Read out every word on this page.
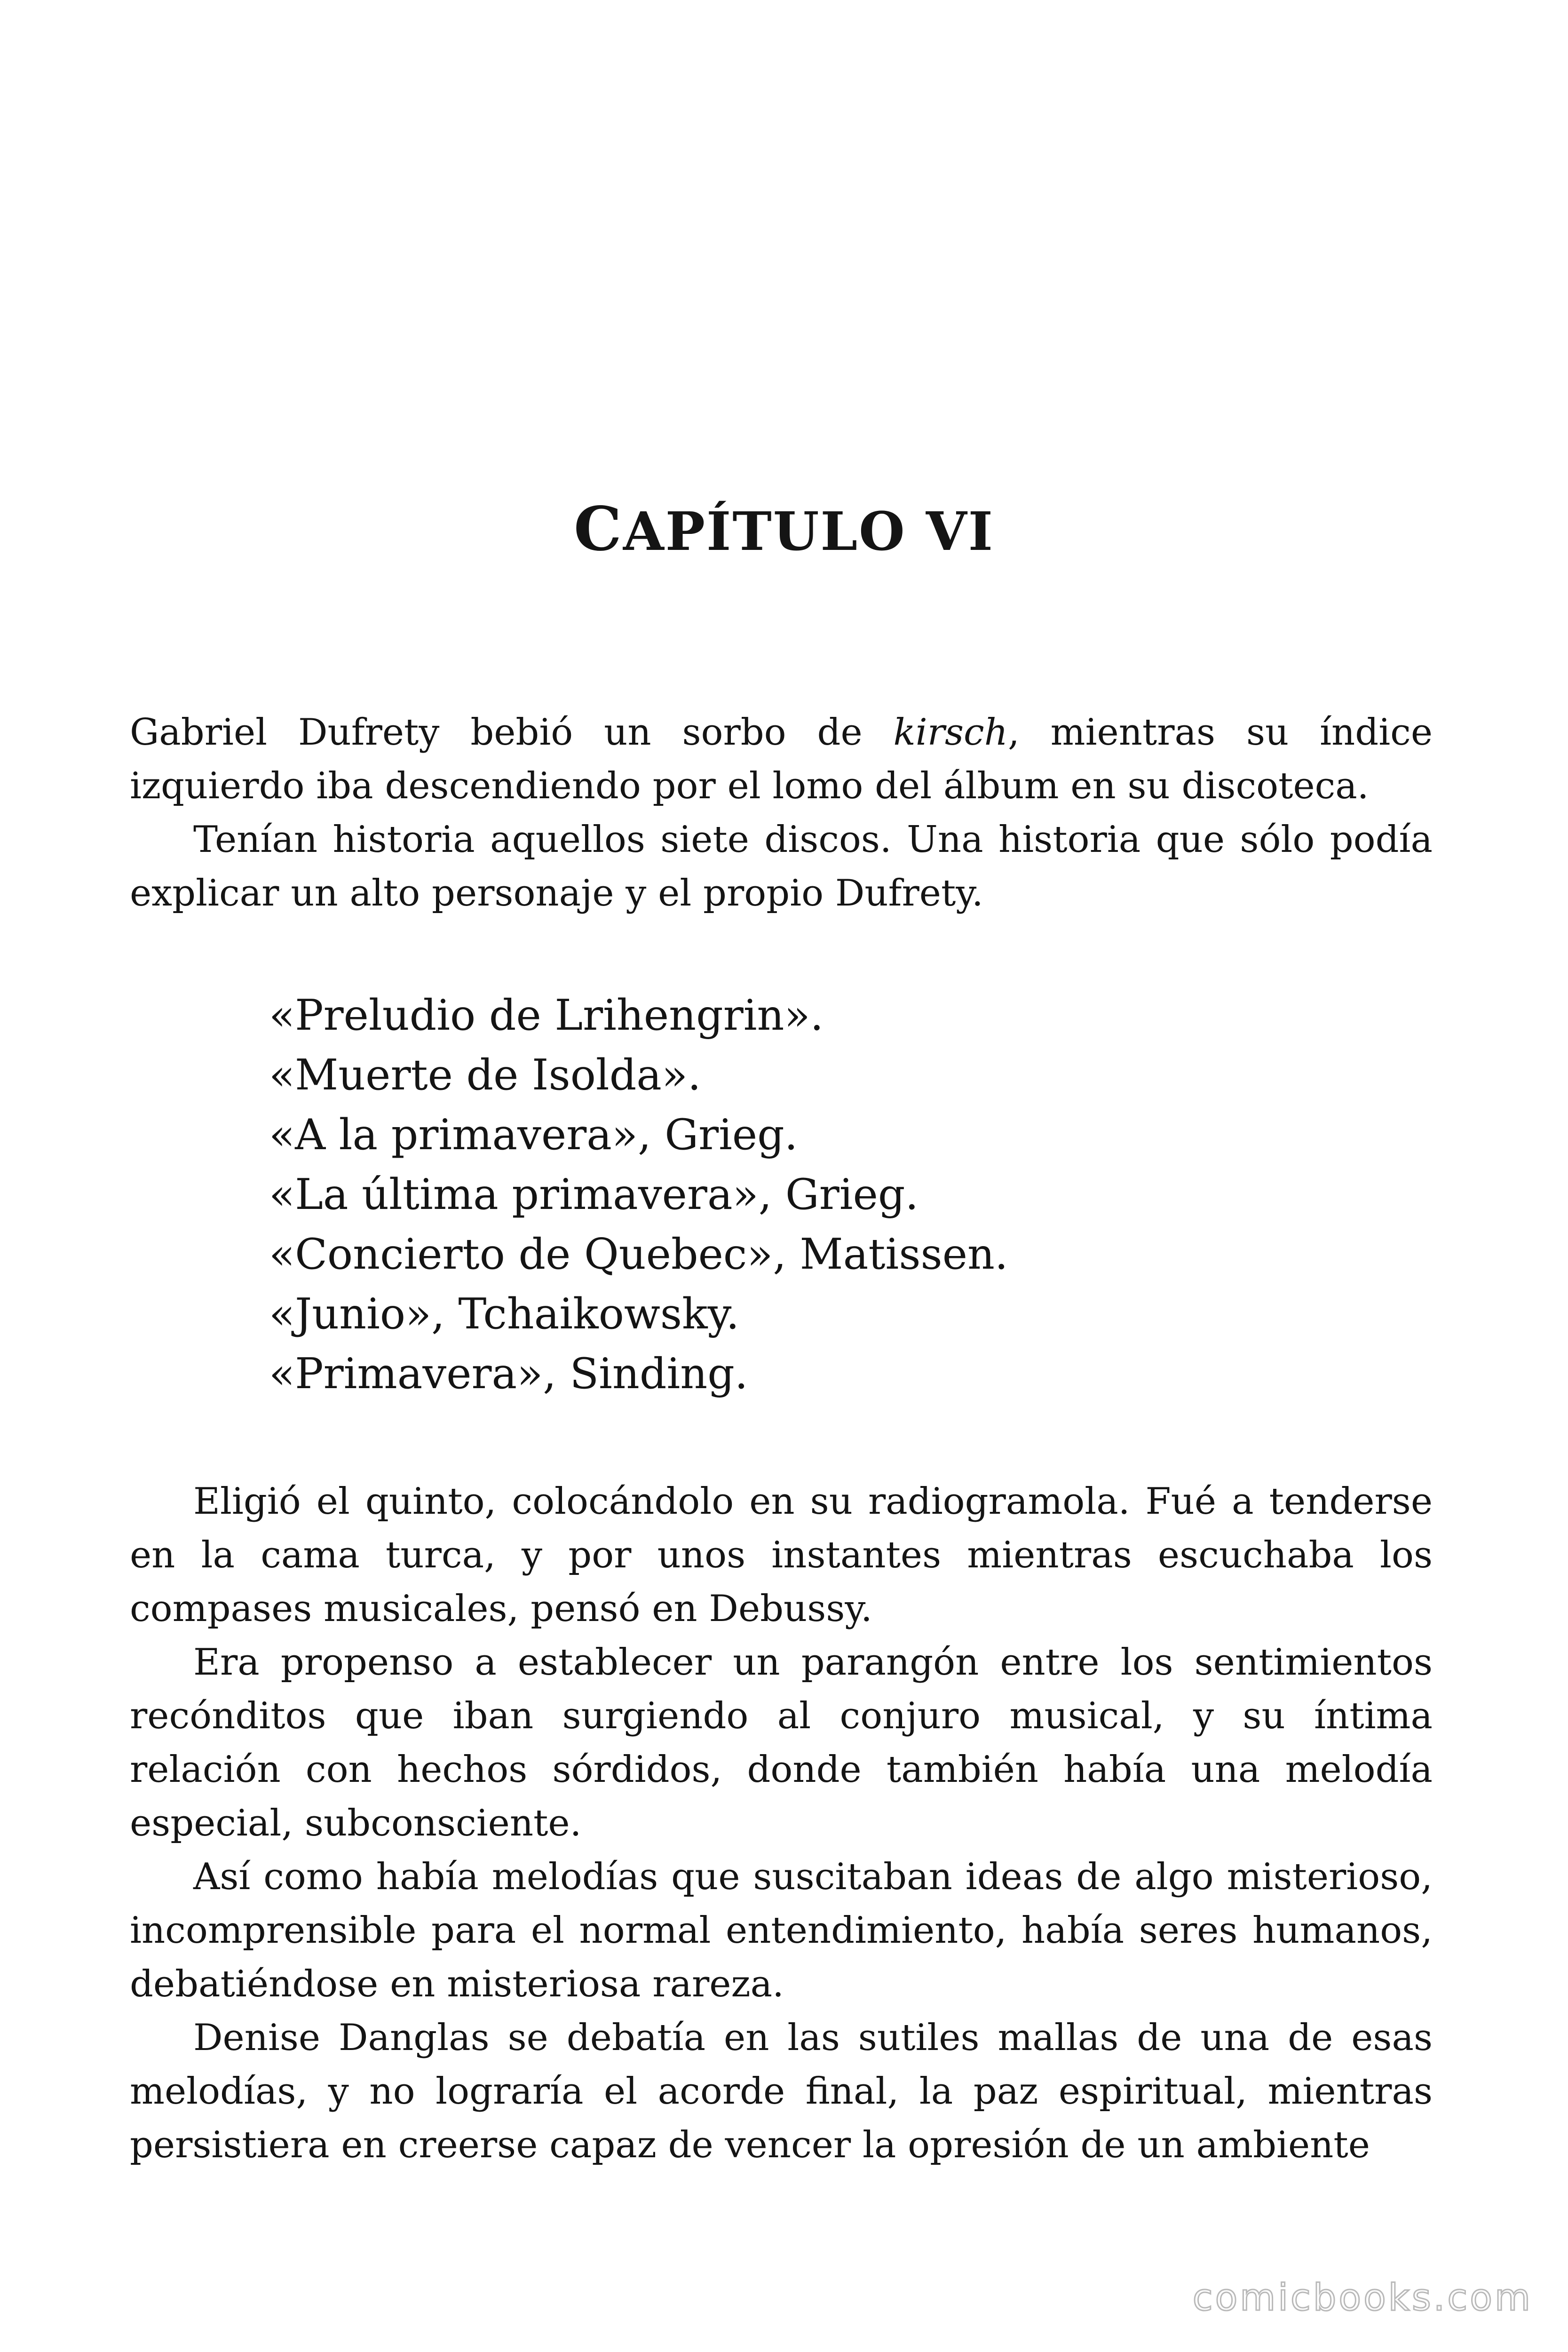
CAPÍTULO VI

Gabriel Dufrety bebió un sorbo de kirsch, mientras su índice izquierdo iba descendiendo por el lomo del álbum en su discoteca.

Tenían historia aquellos siete discos. Una historia que sólo podía explicar un alto personaje y el propio Dufrety.

«Preludio de Lrihengrin».
«Muerte de Isolda».
«A la primavera», Grieg.
«La última primavera», Grieg.
«Concierto de Quebec», Matissen.
«Junio», Tchaikowsky.
«Primavera», Sinding.

Eligió el quinto, colocándolo en su radiogramola. Fué a tenderse en la cama turca, y por unos instantes mientras escuchaba los compases musicales, pensó en Debussy.

Era propenso a establecer un parangón entre los sentimientos recónditos que iban surgiendo al conjuro musical, y su íntima relación con hechos sórdidos, donde también había una melodía especial, subconsciente.

Así como había melodías que suscitaban ideas de algo misterioso, incomprensible para el normal entendimiento, había seres humanos, debatiéndose en misteriosa rareza.

Denise Danglas se debatía en las sutiles mallas de una de esas melodías, y no lograría el acorde final, la paz espiritual, mientras persistiera en creerse capaz de vencer la opresión de un ambiente

comicbooks.com
